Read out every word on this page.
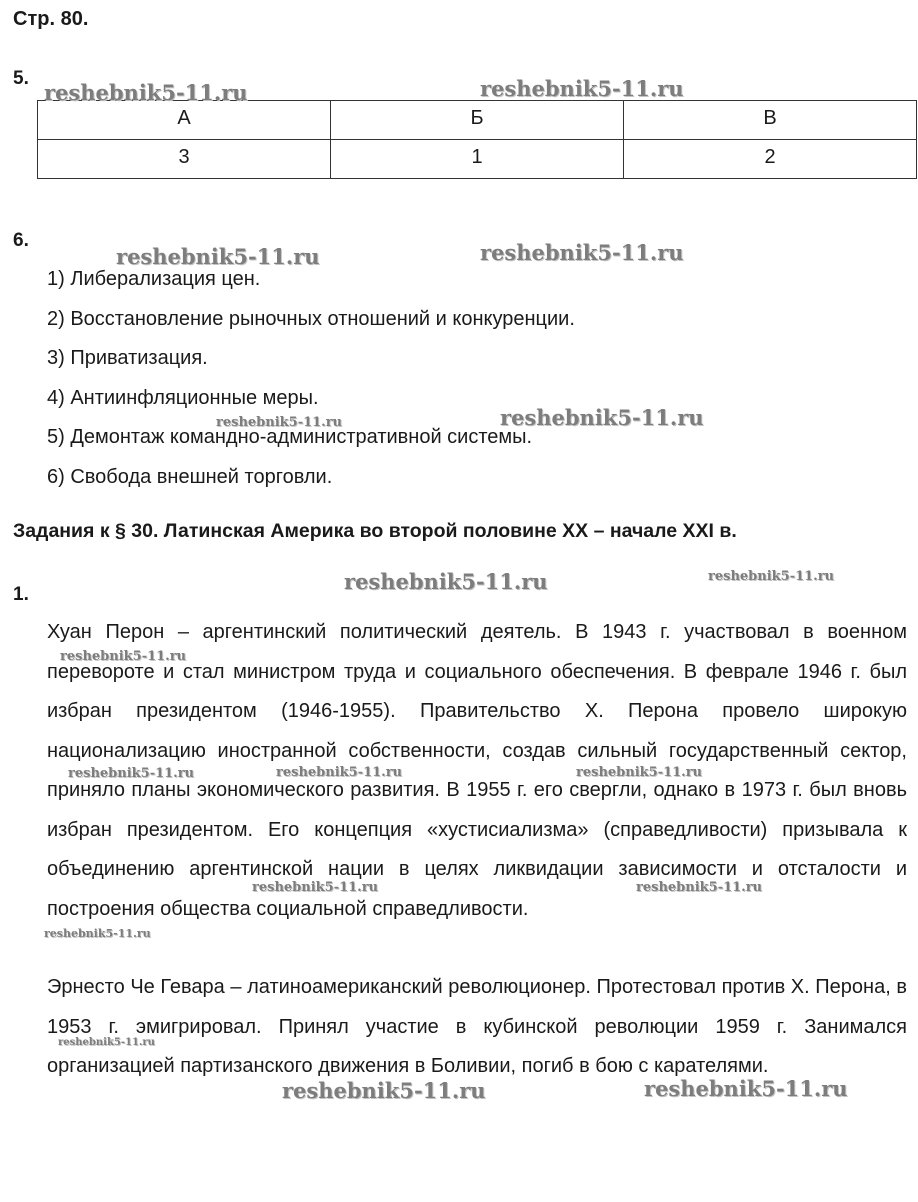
Стр. 80.
5.
А	Б	В
3	1	2
6.
1) Либерализация цен.
2) Восстановление рыночных отношений и конкуренции.
3) Приватизация.
4) Антиинфляционные меры.
5) Демонтаж командно-административной системы.
6) Свобода внешней торговли.
Задания к § 30. Латинская Америка во второй половине ХХ – начале XXI в.
1.

Хуан Перон – аргентинский политический деятель. В 1943 г. участвовал в военном перевороте и стал министром труда и социального обеспечения. В феврале 1946 г. был избран президентом (1946-1955). Правительство Х. Перона провело широкую национализацию иностранной собственности, создав сильный государственный сектор, приняло планы экономического развития. В 1955 г. его свергли, однако в 1973 г. был вновь избран президентом. Его концепция «хустисиализма» (справедливости) призывала к объединению аргентинской нации в целях ликвидации зависимости и отсталости и построения общества социальной справедливости.

Эрнесто Че Гевара – латиноамериканский революционер. Протестовал против Х. Перона, в 1953 г. эмигрировал. Принял участие в кубинской революции 1959 г. Занимался организацией партизанского движения в Боливии, погиб в бою с карателями.

reshebnik5-11.ru	reshebnik5-11.ru
reshebnik5-11.ru	reshebnik5-11.ru
reshebnik5-11.ru	reshebnik5-11.ru
reshebnik5-11.ru	reshebnik5-11.ru
reshebnik5-11.ru
reshebnik5-11.ru	reshebnik5-11.ru	reshebnik5-11.ru
reshebnik5-11.ru	reshebnik5-11.ru
reshebnik5-11.ru
reshebnik5-11.ru
reshebnik5-11.ru	reshebnik5-11.ru
